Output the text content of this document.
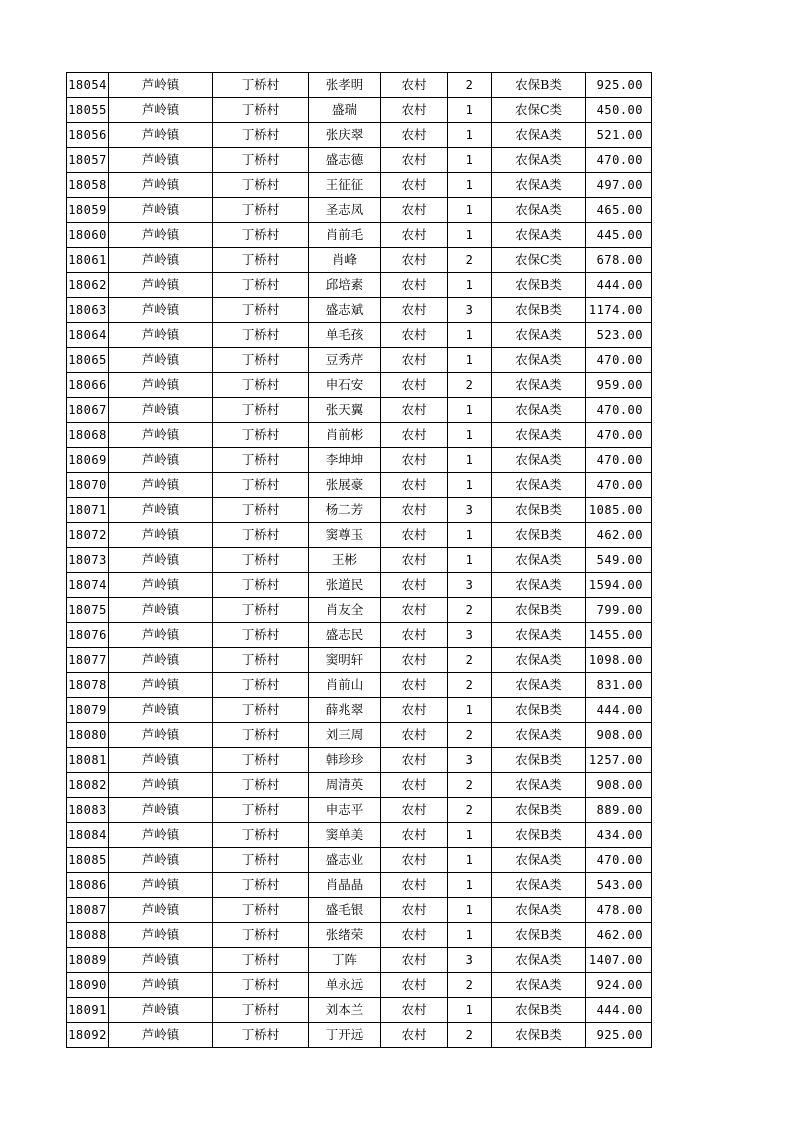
18054	芦岭镇	丁桥村	张孝明	农村	2	农保B类	925.00
18055	芦岭镇	丁桥村	盛瑞	农村	1	农保C类	450.00
18056	芦岭镇	丁桥村	张庆翠	农村	1	农保A类	521.00
18057	芦岭镇	丁桥村	盛志德	农村	1	农保A类	470.00
18058	芦岭镇	丁桥村	王征征	农村	1	农保A类	497.00
18059	芦岭镇	丁桥村	圣志凤	农村	1	农保A类	465.00
18060	芦岭镇	丁桥村	肖前毛	农村	1	农保A类	445.00
18061	芦岭镇	丁桥村	肖峰	农村	2	农保C类	678.00
18062	芦岭镇	丁桥村	邱培素	农村	1	农保B类	444.00
18063	芦岭镇	丁桥村	盛志斌	农村	3	农保B类	1174.00
18064	芦岭镇	丁桥村	单毛孩	农村	1	农保A类	523.00
18065	芦岭镇	丁桥村	豆秀芹	农村	1	农保A类	470.00
18066	芦岭镇	丁桥村	申石安	农村	2	农保A类	959.00
18067	芦岭镇	丁桥村	张天翼	农村	1	农保A类	470.00
18068	芦岭镇	丁桥村	肖前彬	农村	1	农保A类	470.00
18069	芦岭镇	丁桥村	李坤坤	农村	1	农保A类	470.00
18070	芦岭镇	丁桥村	张展豪	农村	1	农保A类	470.00
18071	芦岭镇	丁桥村	杨二芳	农村	3	农保B类	1085.00
18072	芦岭镇	丁桥村	窦尊玉	农村	1	农保B类	462.00
18073	芦岭镇	丁桥村	王彬	农村	1	农保A类	549.00
18074	芦岭镇	丁桥村	张道民	农村	3	农保A类	1594.00
18075	芦岭镇	丁桥村	肖友全	农村	2	农保B类	799.00
18076	芦岭镇	丁桥村	盛志民	农村	3	农保A类	1455.00
18077	芦岭镇	丁桥村	窦明轩	农村	2	农保A类	1098.00
18078	芦岭镇	丁桥村	肖前山	农村	2	农保A类	831.00
18079	芦岭镇	丁桥村	薛兆翠	农村	1	农保B类	444.00
18080	芦岭镇	丁桥村	刘三周	农村	2	农保A类	908.00
18081	芦岭镇	丁桥村	韩珍珍	农村	3	农保B类	1257.00
18082	芦岭镇	丁桥村	周清英	农村	2	农保A类	908.00
18083	芦岭镇	丁桥村	申志平	农村	2	农保B类	889.00
18084	芦岭镇	丁桥村	窦单美	农村	1	农保B类	434.00
18085	芦岭镇	丁桥村	盛志业	农村	1	农保A类	470.00
18086	芦岭镇	丁桥村	肖晶晶	农村	1	农保A类	543.00
18087	芦岭镇	丁桥村	盛毛银	农村	1	农保A类	478.00
18088	芦岭镇	丁桥村	张绪荣	农村	1	农保B类	462.00
18089	芦岭镇	丁桥村	丁阵	农村	3	农保A类	1407.00
18090	芦岭镇	丁桥村	单永远	农村	2	农保A类	924.00
18091	芦岭镇	丁桥村	刘本兰	农村	1	农保B类	444.00
18092	芦岭镇	丁桥村	丁开远	农村	2	农保B类	925.00
